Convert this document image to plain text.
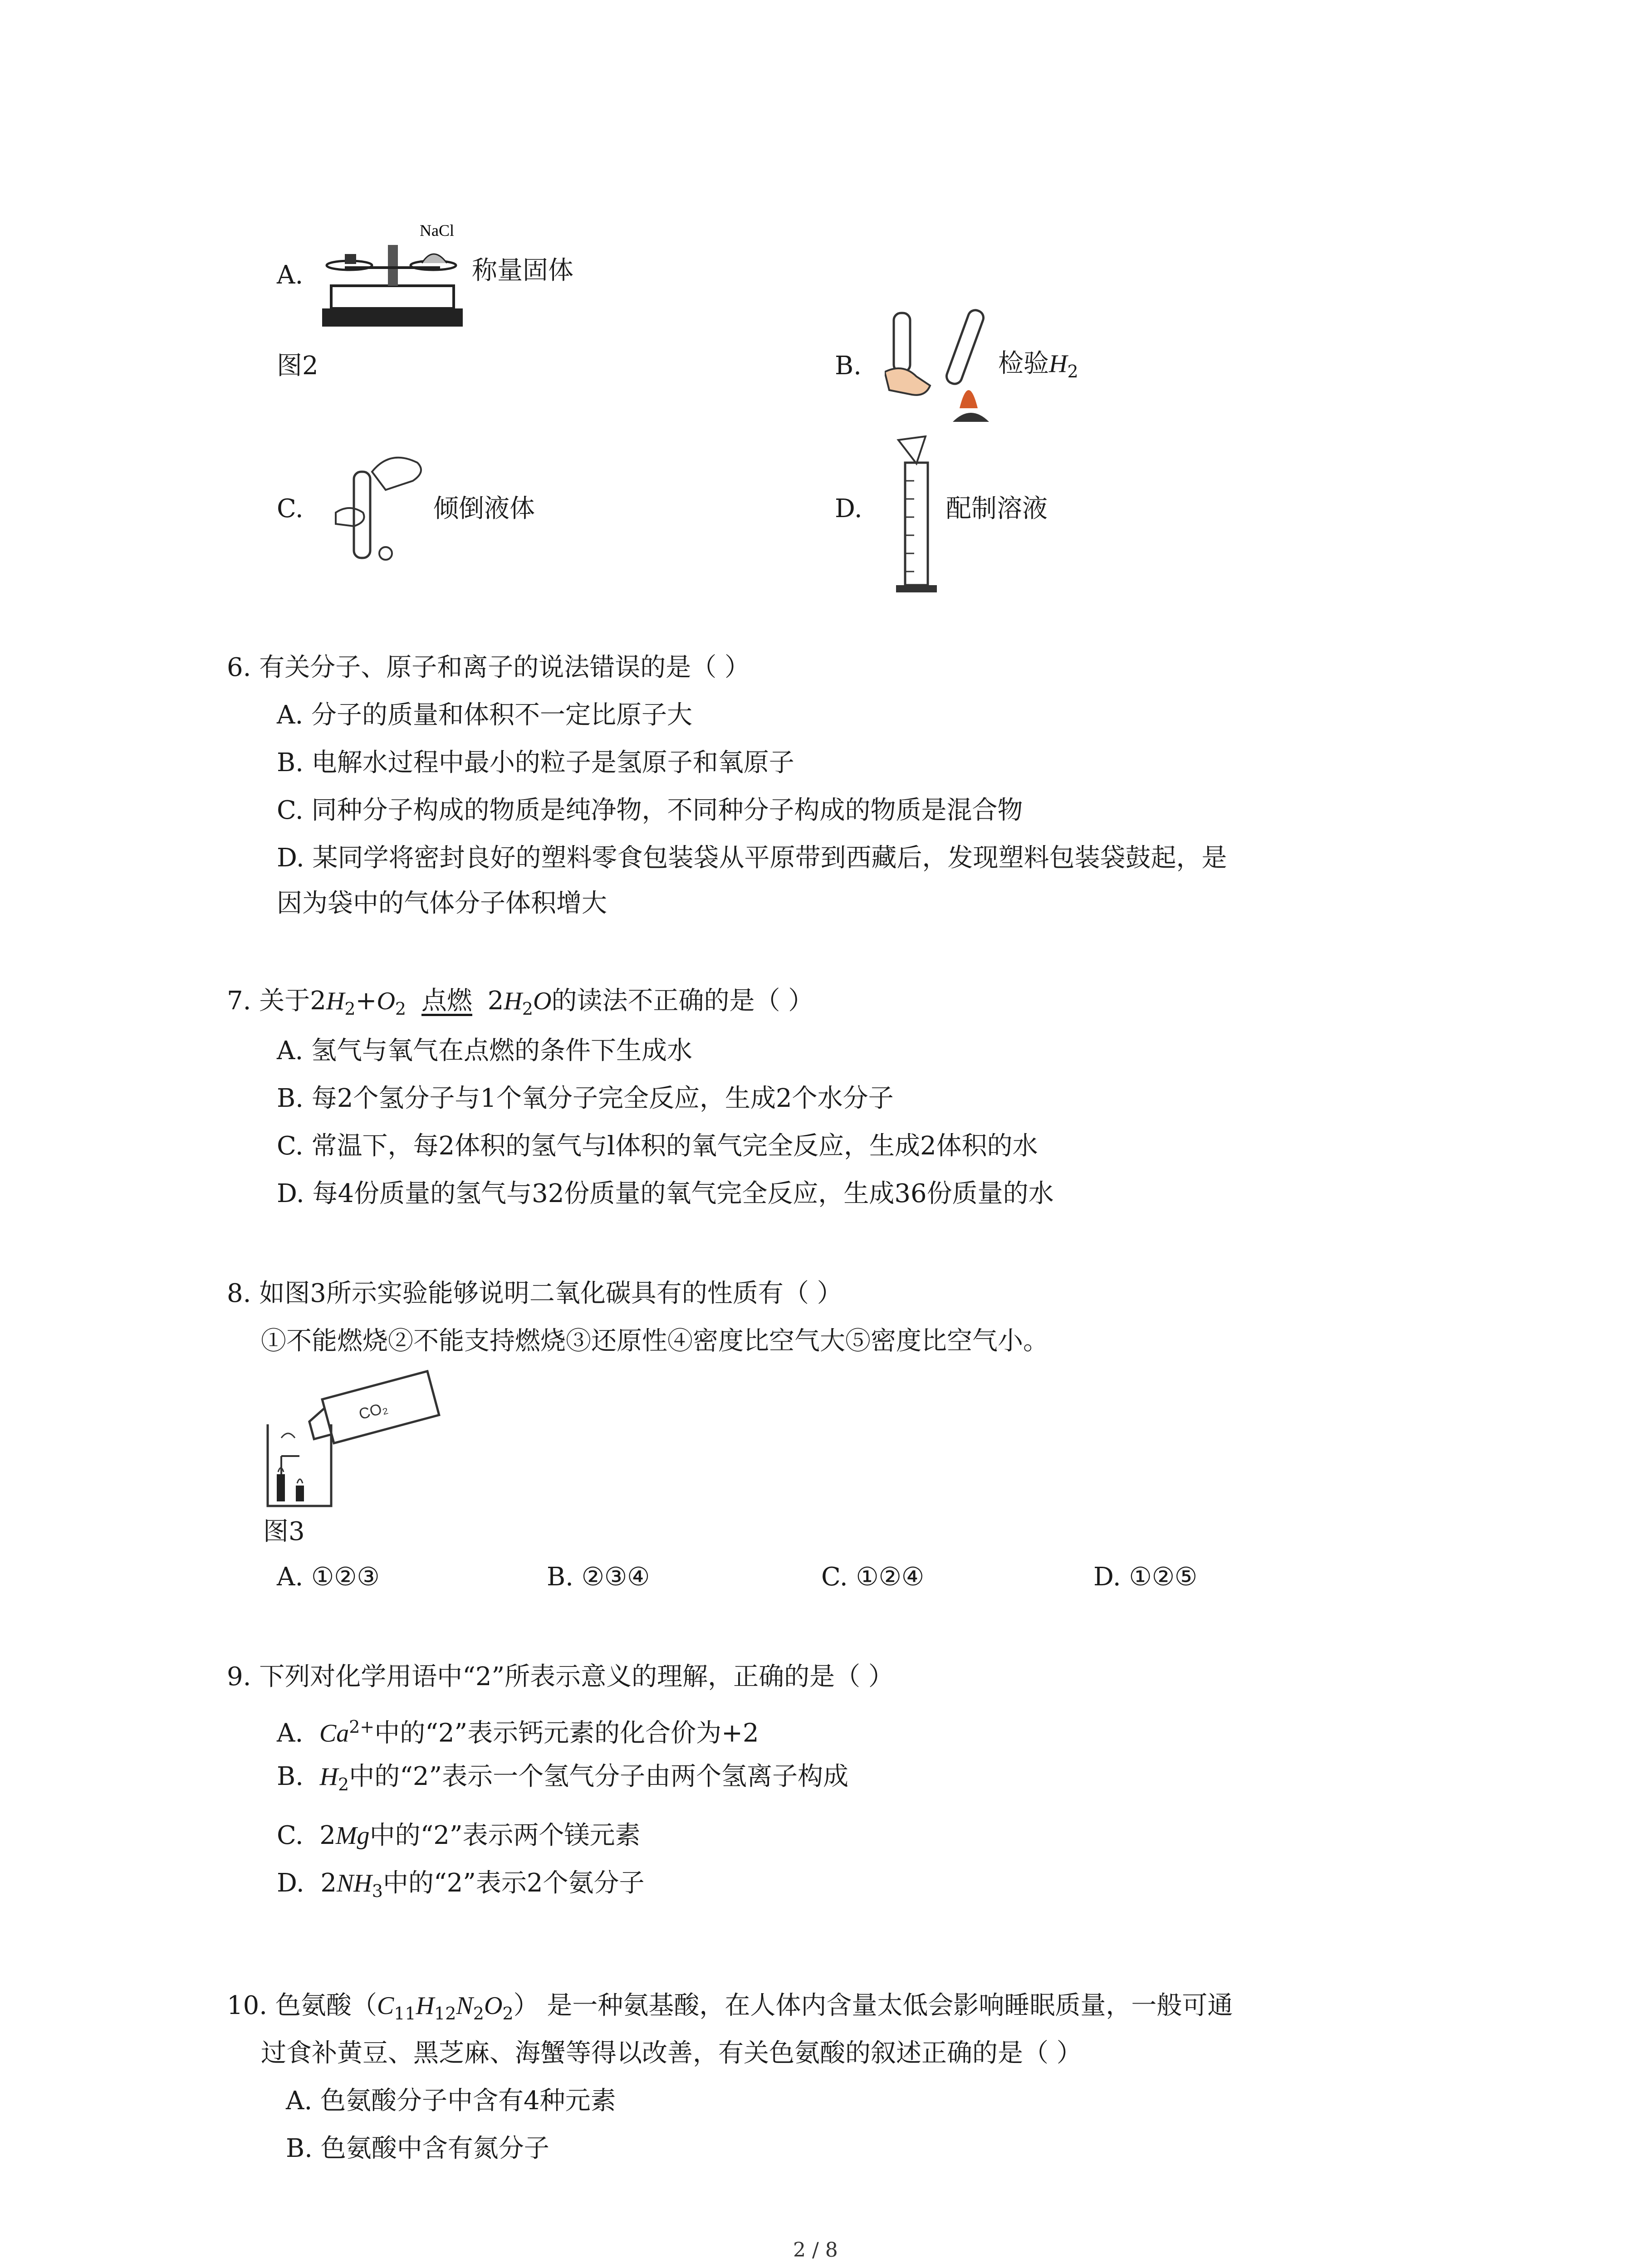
A.
NaCl
称量固体
图2	B.	检验$H_2$
C.	倾倒液体	D.	配制溶液
6. 有关分子、原子和离子的说法错误的是（ ）
A. 分子的质量和体积不一定比原子大
B. 电解水过程中最小的粒子是氢原子和氧原子
C. 同种分子构成的物质是纯净物，不同种分子构成的物质是混合物
D. 某同学将密封良好的塑料零食包装袋从平原带到西藏后，发现塑料包装袋鼓起，是
因为袋中的气体分子体积增大
7. 关于$2H_2+O_2$ 点燃 $2H_2O$的读法不正确的是（ ）
A. 氢气与氧气在点燃的条件下生成水
B. 每2个氢分子与1个氧分子完全反应，生成2个水分子
C. 常温下，每2体积的氢气与l体积的氧气完全反应，生成2体积的水
D. 每4份质量的氢气与32份质量的氧气完全反应，生成36份质量的水
8. 如图3所示实验能够说明二氧化碳具有的性质有（ ）
①不能燃烧②不能支持燃烧③还原性④密度比空气大⑤密度比空气小。
CO₂
图3
A. ①②③	B. ②③④	C. ①②④	D. ①②⑤
9. 下列对化学用语中“2”所表示意义的理解，正确的是（ ）
A. $Ca^{2+}$中的“2”表示钙元素的化合价为+2
B. $H_2$中的“2”表示一个氢气分子由两个氢离子构成
C. 2Mg中的“2”表示两个镁元素
D. $2NH_3$中的“2”表示2个氨分子
10. 色氨酸$(C_{11}H_{12}N_2O_2)$ 是一种氨基酸，在人体内含量太低会影响睡眠质量，一般可通
过食补黄豆、黑芝麻、海蟹等得以改善，有关色氨酸的叙述正确的是（ ）
A. 色氨酸分子中含有4种元素
B. 色氨酸中含有氮分子
2 / 8
